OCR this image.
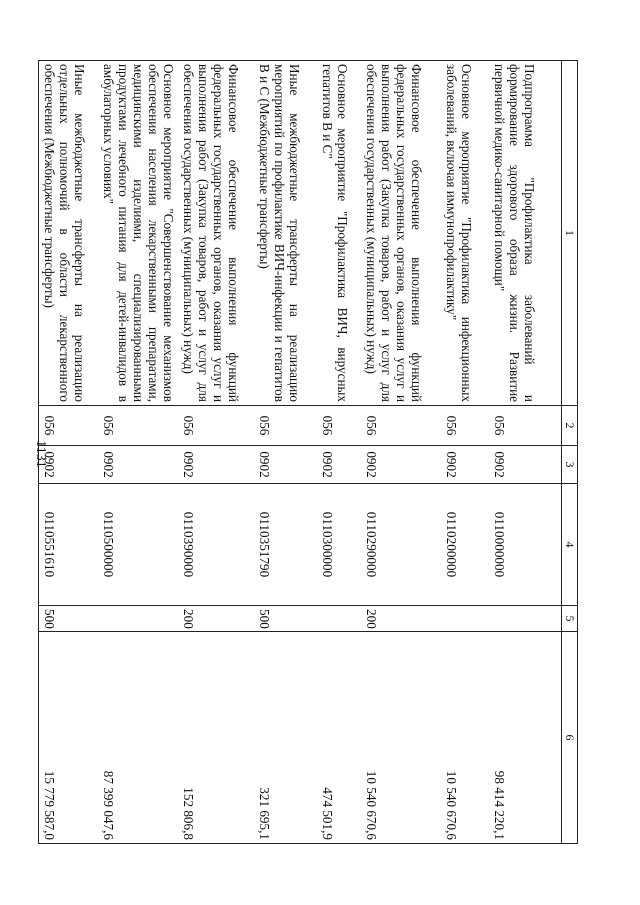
1131
1	2	3	4	5	6
Подпрограмма "Профилактика заболеваний и формирование здорового образа жизни. Развитие первичной медико-санитарной помощи"	056	0902	0110000000		98 414 220,1
Основное мероприятие "Профилактика инфекционных заболеваний, включая иммунопрофилактику"	056	0902	0110200000		10 540 670,6
Финансовое обеспечение выполнения функций федеральных государственных органов, оказания услуг и выполнения работ (Закупка товаров, работ и услуг для обеспечения государственных (муниципальных) нужд)	056	0902	0110290000	200	10 540 670,6
Основное мероприятие "Профилактика ВИЧ, вирусных гепатитов В и С"	056	0902	0110300000		474 501,9
Иные межбюджетные трансферты на реализацию мероприятий по профилактике ВИЧ-инфекции и гепатитов В и С (Межбюджетные трансферты)	056	0902	0110351790	500	321 695,1
Финансовое обеспечение выполнения функций федеральных государственных органов, оказания услуг и выполнения работ (Закупка товаров, работ и услуг для обеспечения государственных (муниципальных) нужд)	056	0902	0110390000	200	152 806,8
Основное мероприятие "Совершенствование механизмов обеспечения населения лекарственными препаратами, медицинскими изделиями, специализированными продуктами лечебного питания для детей-инвалидов в амбулаторных условиях"	056	0902	0110500000		87 399 047,6
Иные межбюджетные трансферты на реализацию отдельных полномочий в области лекарственного обеспечения (Межбюджетные трансферты)	056	0902	0110551610	500	15 779 587,0
